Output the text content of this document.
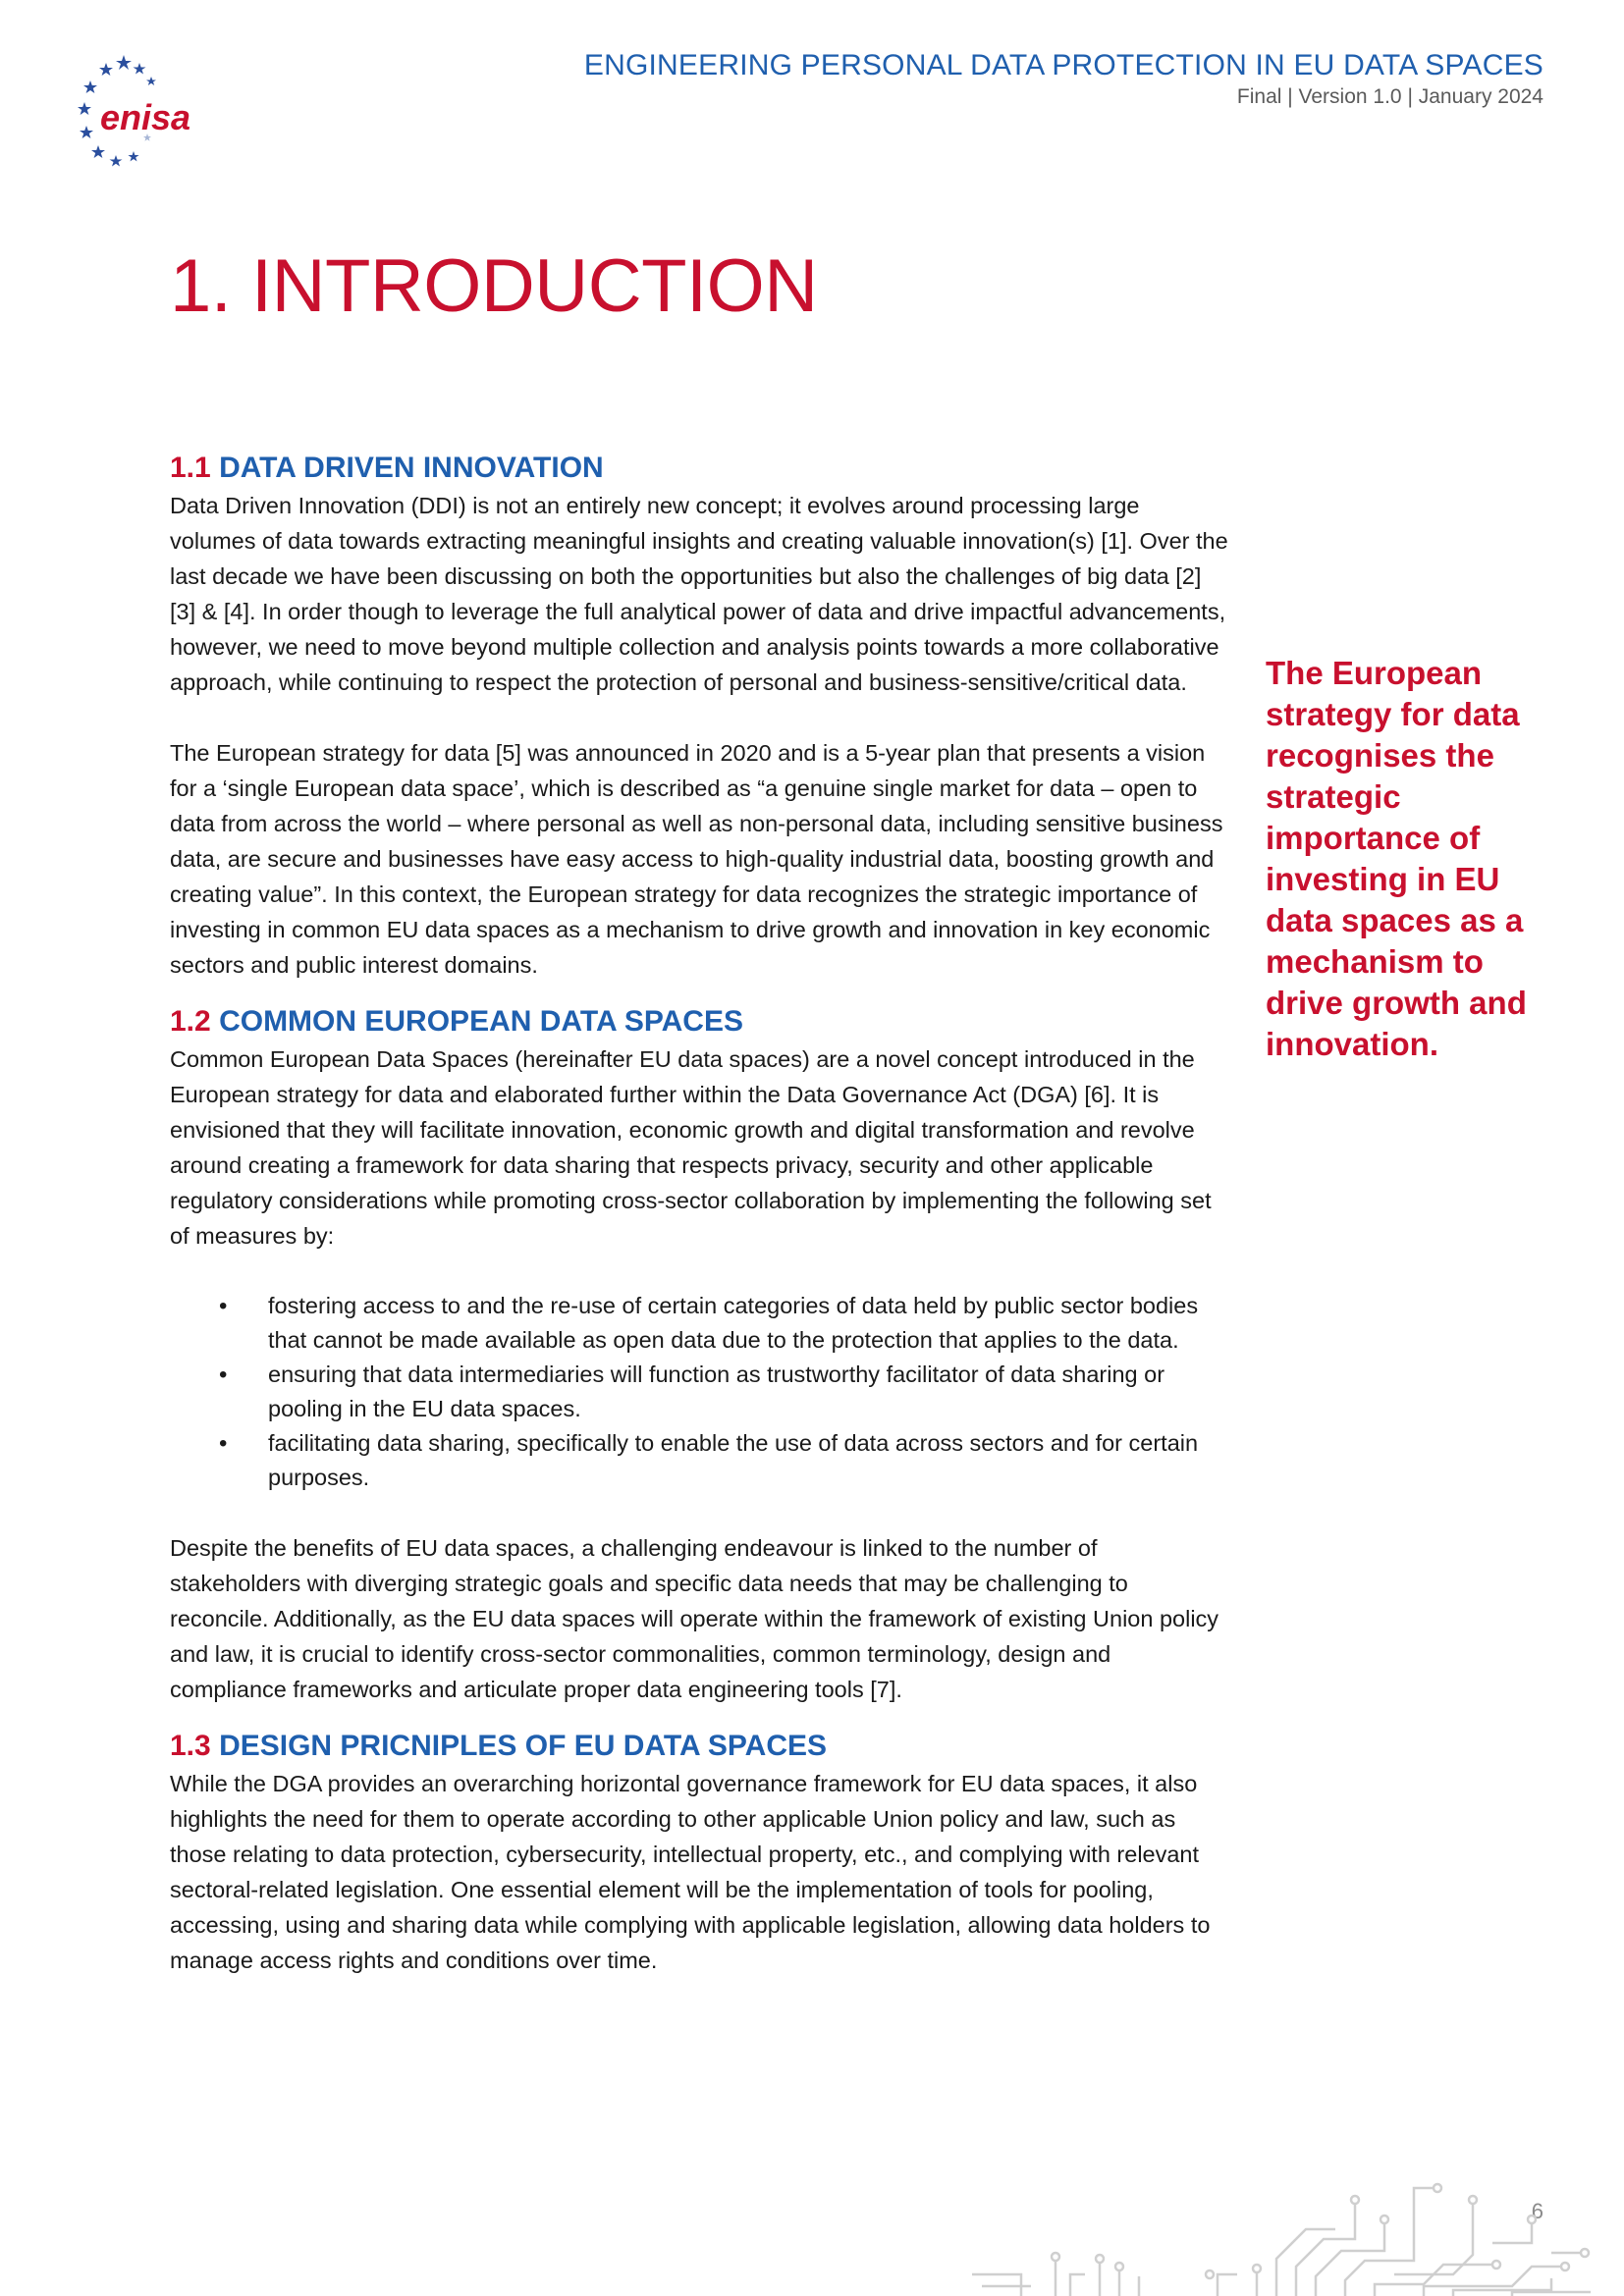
enisa
ENGINEERING PERSONAL DATA PROTECTION IN EU DATA SPACES
Final | Version 1.0 | January 2024
1. INTRODUCTION
1.1 DATA DRIVEN INNOVATION

Data Driven Innovation (DDI) is not an entirely new concept; it evolves around processing large volumes of data towards extracting meaningful insights and creating valuable innovation(s) [1]. Over the last decade we have been discussing on both the opportunities but also the challenges of big data [2] [3] & [4]. In order though to leverage the full analytical power of data and drive impactful advancements, however, we need to move beyond multiple collection and analysis points towards a more collaborative approach, while continuing to respect the protection of personal and business-sensitive/critical data.

The European strategy for data [5] was announced in 2020 and is a 5-year plan that presents a vision for a ‘single European data space’, which is described as “a genuine single market for data – open to data from across the world – where personal as well as non-personal data, including sensitive business data, are secure and businesses have easy access to high-quality industrial data, boosting growth and creating value”. In this context, the European strategy for data recognizes the strategic importance of investing in common EU data spaces as a mechanism to drive growth and innovation in key economic sectors and public interest domains.

1.2 COMMON EUROPEAN DATA SPACES

Common European Data Spaces (hereinafter EU data spaces) are a novel concept introduced in the European strategy for data and elaborated further within the Data Governance Act (DGA) [6]. It is envisioned that they will facilitate innovation, economic growth and digital transformation and revolve around creating a framework for data sharing that respects privacy, security and other applicable regulatory considerations while promoting cross-sector collaboration by implementing the following set of measures by:

• fostering access to and the re-use of certain categories of data held by public sector bodies that cannot be made available as open data due to the protection that applies to the data.
• ensuring that data intermediaries will function as trustworthy facilitator of data sharing or pooling in the EU data spaces.
• facilitating data sharing, specifically to enable the use of data across sectors and for certain purposes.

Despite the benefits of EU data spaces, a challenging endeavour is linked to the number of stakeholders with diverging strategic goals and specific data needs that may be challenging to reconcile. Additionally, as the EU data spaces will operate within the framework of existing Union policy and law, it is crucial to identify cross-sector commonalities, common terminology, design and compliance frameworks and articulate proper data engineering tools [7].

1.3 DESIGN PRICNIPLES OF EU DATA SPACES

While the DGA provides an overarching horizontal governance framework for EU data spaces, it also highlights the need for them to operate according to other applicable Union policy and law, such as those relating to data protection, cybersecurity, intellectual property, etc., and complying with relevant sectoral-related legislation. One essential element will be the implementation of tools for pooling, accessing, using and sharing data while complying with applicable legislation, allowing data holders to manage access rights and conditions over time.

The European strategy for data recognises the strategic importance of investing in EU data spaces as a mechanism to drive growth and innovation.
6
